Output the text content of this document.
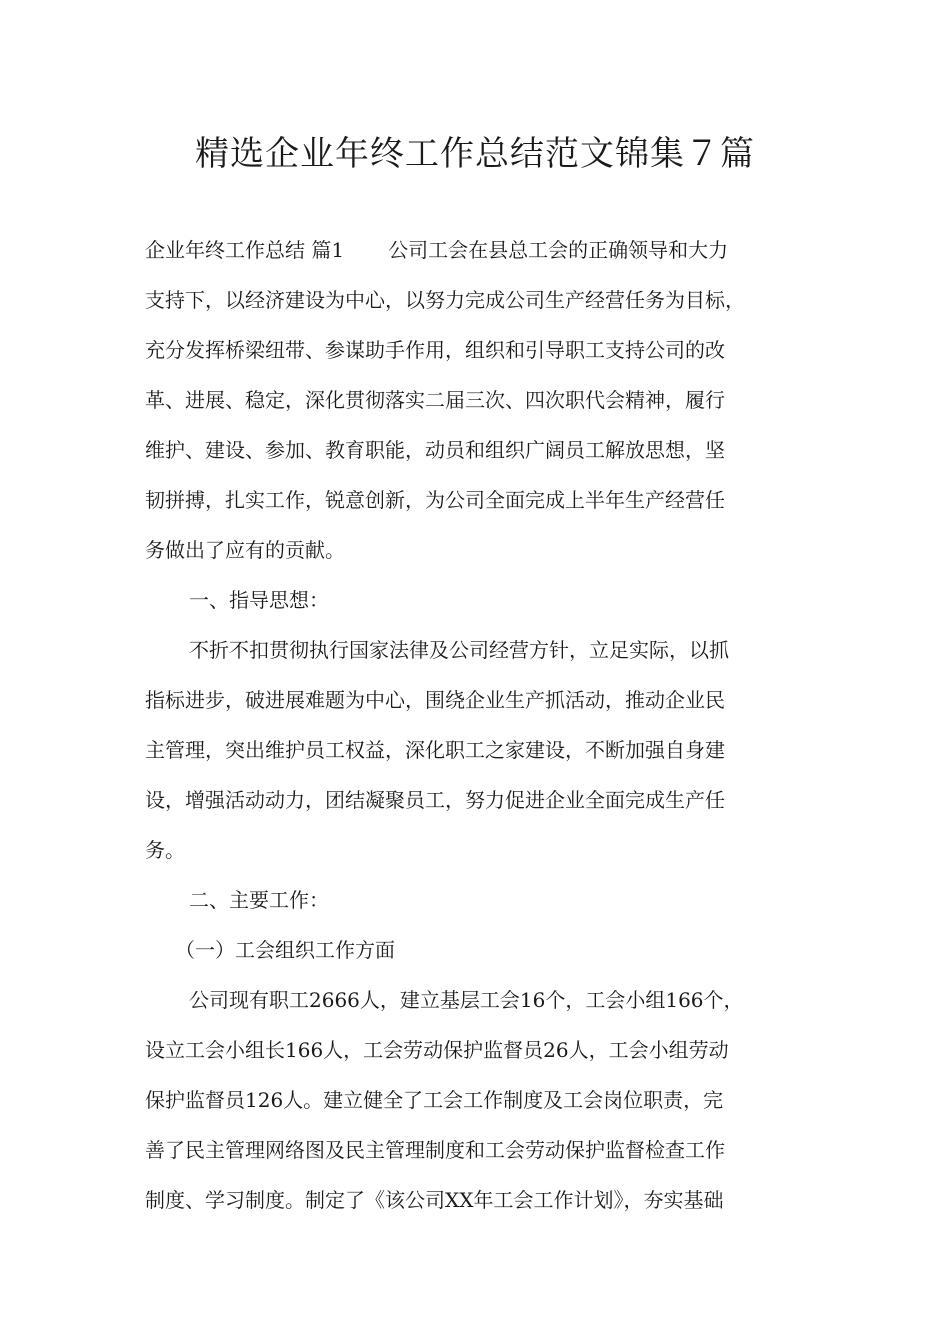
精选企业年终工作总结范文锦集７篇
企业年终工作总结 篇1 公司工会在县总工会的正确领导和大力
支持下，以经济建设为中心，以努力完成公司生产经营任务为目标，
充分发挥桥梁纽带、参谋助手作用，组织和引导职工支持公司的改
革、进展、稳定，深化贯彻落实二届三次、四次职代会精神，履行
维护、建设、参加、教育职能，动员和组织广阔员工解放思想，坚
韧拼搏，扎实工作，锐意创新，为公司全面完成上半年生产经营任
务做出了应有的贡献。
一、指导思想：
不折不扣贯彻执行国家法律及公司经营方针，立足实际，以抓
指标进步，破进展难题为中心，围绕企业生产抓活动，推动企业民
主管理，突出维护员工权益，深化职工之家建设，不断加强自身建
设，增强活动动力，团结凝聚员工，努力促进企业全面完成生产任
务。
二、主要工作：
（一）工会组织工作方面
公司现有职工2666人，建立基层工会16个，工会小组166个，
设立工会小组长166人，工会劳动保护监督员26人，工会小组劳动
保护监督员126人。建立健全了工会工作制度及工会岗位职责，完
善了民主管理网络图及民主管理制度和工会劳动保护监督检查工作
制度、学习制度。制定了《该公司XX年工会工作计划》，夯实基础
